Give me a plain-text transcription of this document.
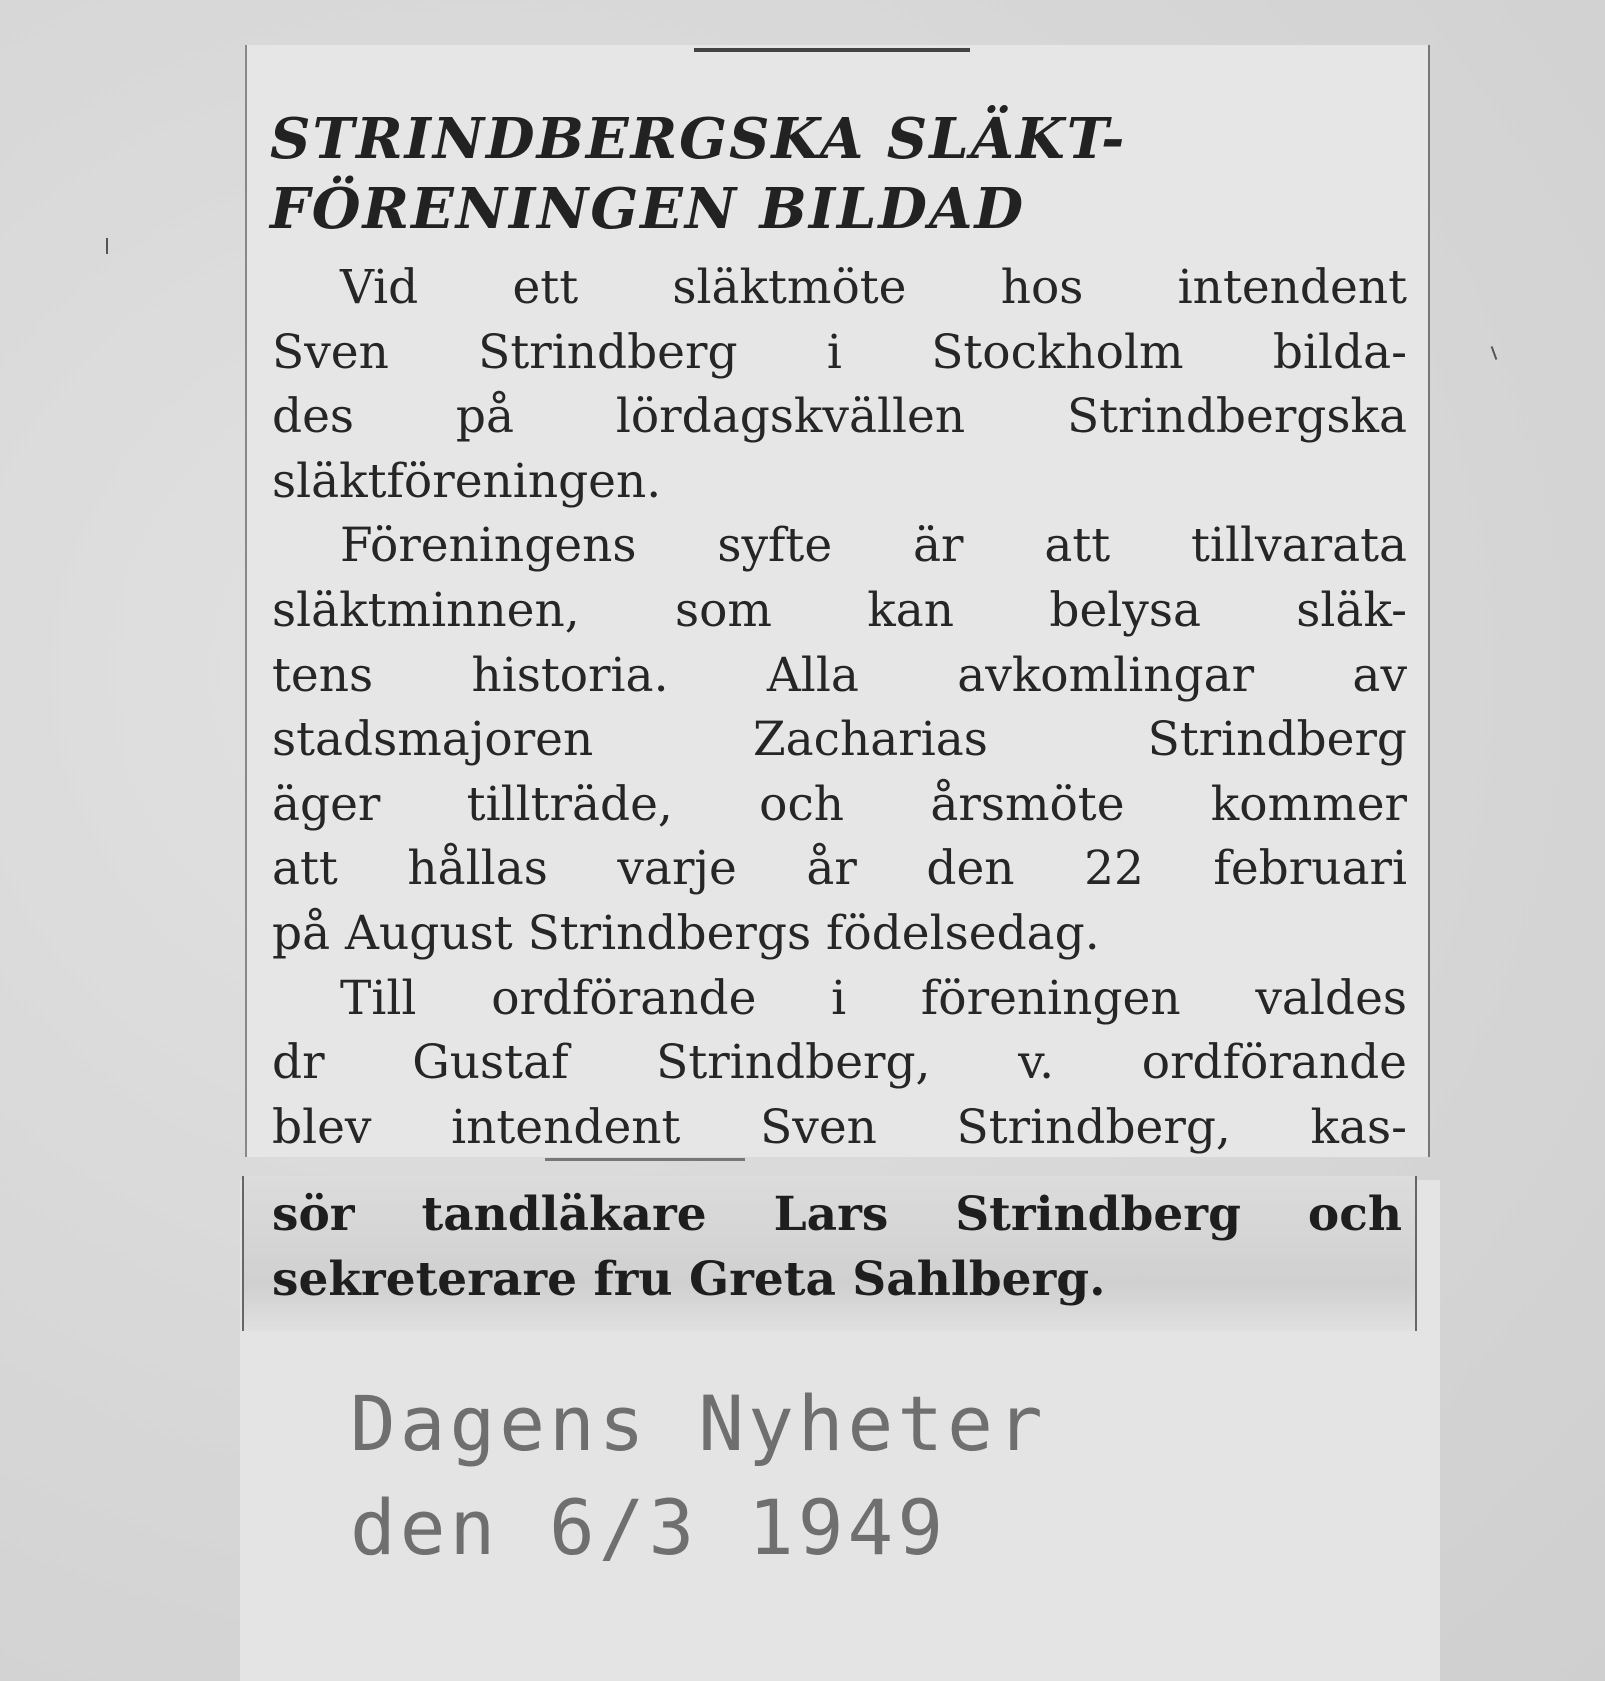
STRINDBERGSKA SLÄKT-
FÖRENINGEN BILDAD
Vid ett släktmöte hos intendent
Sven Strindberg i Stockholm bilda-
des på lördagskvällen Strindbergska
släktföreningen.
Föreningens syfte är att tillvarata
släktminnen, som kan belysa släk-
tens historia. Alla avkomlingar av
stadsmajoren Zacharias Strindberg
äger tillträde, och årsmöte kommer
att hållas varje år den 22 februari
på August Strindbergs födelsedag.
Till ordförande i föreningen valdes
dr Gustaf Strindberg, v. ordförande
blev intendent Sven Strindberg, kas-
sör tandläkare Lars Strindberg och
sekreterare fru Greta Sahlberg.
Dagens Nyheter
den 6/3 1949
